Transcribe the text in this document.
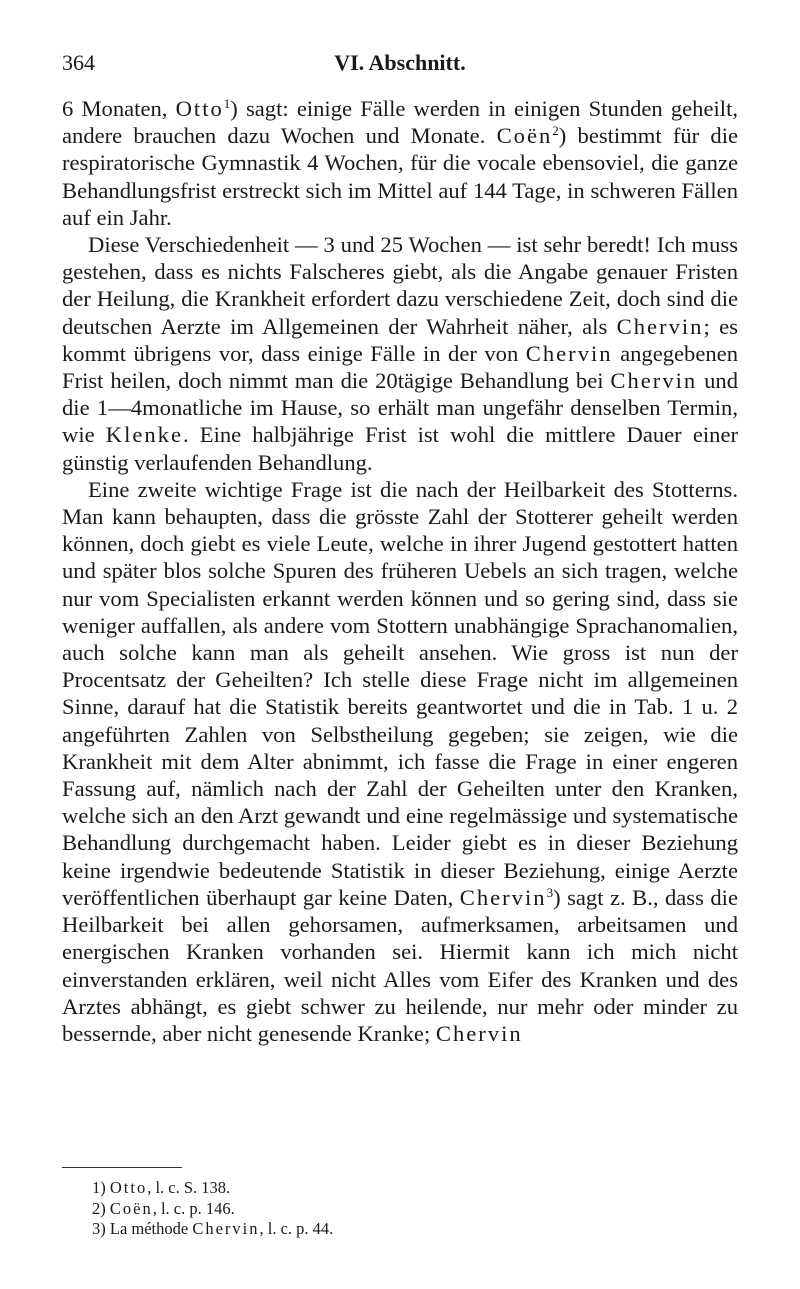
364	VI. Abschnitt.

6 Monaten, Otto$^1$) sagt: einige Fälle werden in einigen Stunden geheilt, andere brauchen dazu Wochen und Monate. Coën$^2$) bestimmt für die respiratorische Gymnastik 4 Wochen, für die vocale ebensoviel, die ganze Behandlungsfrist erstreckt sich im Mittel auf 144 Tage, in schweren Fällen auf ein Jahr.

Diese Verschiedenheit — 3 und 25 Wochen — ist sehr beredt! Ich muss gestehen, dass es nichts Falscheres giebt, als die Angabe genauer Fristen der Heilung, die Krankheit erfordert dazu verschiedene Zeit, doch sind die deutschen Aerzte im Allgemeinen der Wahrheit näher, als Chervin; es kommt übrigens vor, dass einige Fälle in der von Chervin angegebenen Frist heilen, doch nimmt man die 20tägige Behandlung bei Chervin und die 1—4monatliche im Hause, so erhält man ungefähr denselben Termin, wie Klenke. Eine halbjährige Frist ist wohl die mittlere Dauer einer günstig verlaufenden Behandlung.

Eine zweite wichtige Frage ist die nach der Heilbarkeit des Stotterns. Man kann behaupten, dass die grösste Zahl der Stotterer geheilt werden können, doch giebt es viele Leute, welche in ihrer Jugend gestottert hatten und später blos solche Spuren des früheren Uebels an sich tragen, welche nur vom Specialisten erkannt werden können und so gering sind, dass sie weniger auffallen, als andere vom Stottern unabhängige Sprachanomalien, auch solche kann man als geheilt ansehen. Wie gross ist nun der Procentsatz der Geheilten? Ich stelle diese Frage nicht im allgemeinen Sinne, darauf hat die Statistik bereits geantwortet und die in Tab. 1 u. 2 angeführten Zahlen von Selbstheilung gegeben; sie zeigen, wie die Krankheit mit dem Alter abnimmt, ich fasse die Frage in einer engeren Fassung auf, nämlich nach der Zahl der Geheilten unter den Kranken, welche sich an den Arzt gewandt und eine regelmässige und systematische Behandlung durchgemacht haben. Leider giebt es in dieser Beziehung keine irgendwie bedeutende Statistik in dieser Beziehung, einige Aerzte veröffentlichen überhaupt gar keine Daten, Chervin$^3$) sagt z. B., dass die Heilbarkeit bei allen gehorsamen, aufmerksamen, arbeitsamen und energischen Kranken vorhanden sei. Hiermit kann ich mich nicht einverstanden erklären, weil nicht Alles vom Eifer des Kranken und des Arztes abhängt, es giebt schwer zu heilende, nur mehr oder minder zu bessernde, aber nicht genesende Kranke; Chervin

1) Otto, l. c. S. 138.
2) Coën, l. c. p. 146.
3) La méthode Chervin, l. c. p. 44.
